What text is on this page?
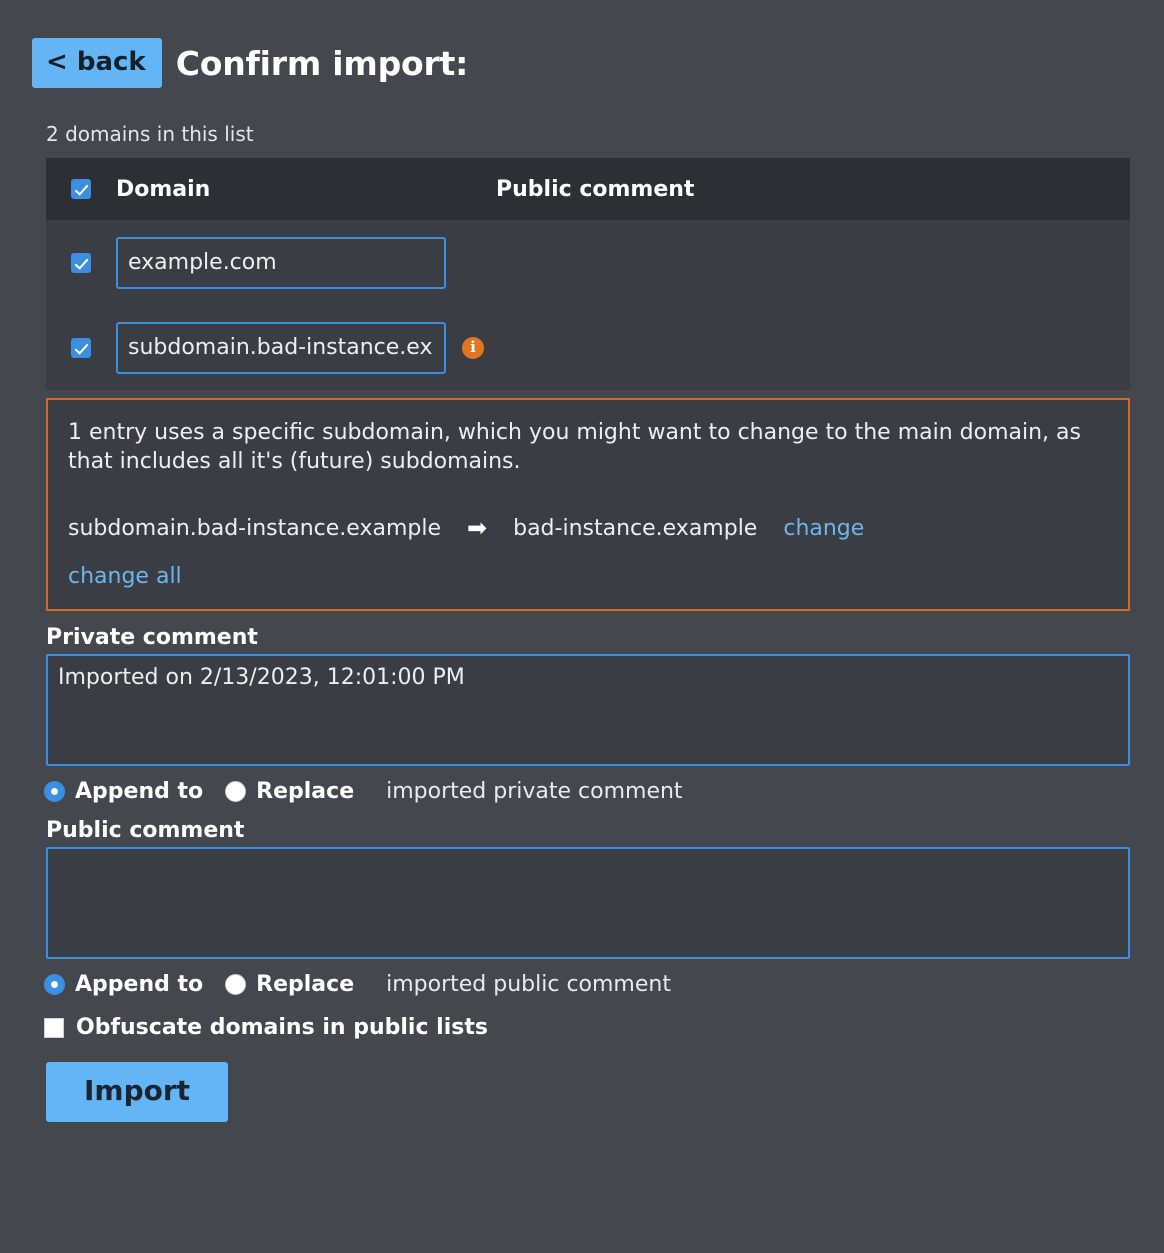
< back Confirm import:
2 domains in this list
Domain	Public comment
example.com
subdomain.bad-instance.ex
i
1 entry uses a specific subdomain, which you might want to change to the main domain, as that includes all it's (future) subdomains.
subdomain.bad-instance.example ➡ bad-instance.example change
change all
Private comment
Imported on 2/13/2023, 12:01:00 PM
Append to Replace imported private comment
Public comment
Append to Replace imported public comment
Obfuscate domains in public lists
Import
